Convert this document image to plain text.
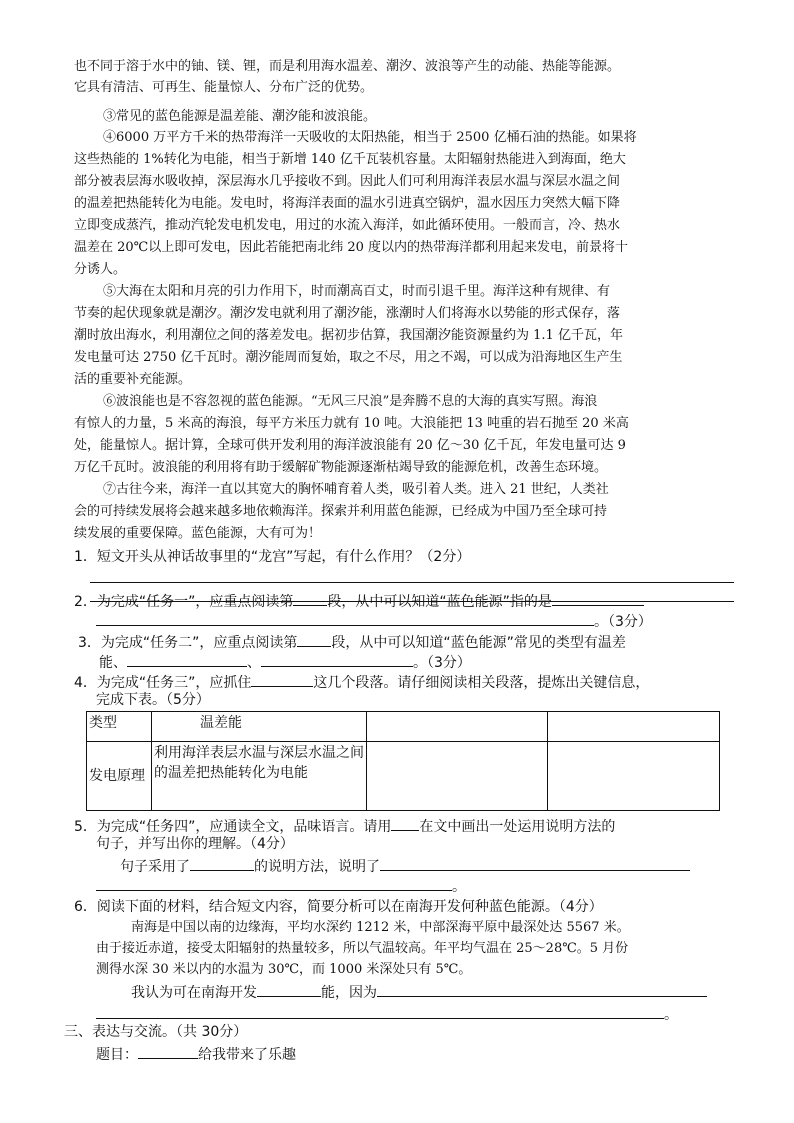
也不同于溶于水中的铀、镁、锂，而是利用海水温差、潮汐、波浪等产生的动能、热能等能源。
它具有清洁、可再生、能量惊人、分布广泛的优势。
③常见的蓝色能源是温差能、潮汐能和波浪能。
④6000 万平方千米的热带海洋一天吸收的太阳热能，相当于 2500 亿桶石油的热能。如果将
这些热能的 1%转化为电能，相当于新增 140 亿千瓦装机容量。太阳辐射热能进入到海面，绝大
部分被表层海水吸收掉，深层海水几乎接收不到。因此人们可利用海洋表层水温与深层水温之间
的温差把热能转化为电能。发电时，将海洋表面的温水引进真空锅炉，温水因压力突然大幅下降
立即变成蒸汽，推动汽轮发电机发电，用过的水流入海洋，如此循环使用。一般而言，冷、热水
温差在 20℃以上即可发电，因此若能把南北纬 20 度以内的热带海洋都利用起来发电，前景将十
分诱人。
⑤大海在太阳和月亮的引力作用下，时而潮高百丈，时而引退千里。海洋这种有规律、有
节奏的起伏现象就是潮汐。潮汐发电就利用了潮汐能，涨潮时人们将海水以势能的形式保存，落
潮时放出海水，利用潮位之间的落差发电。据初步估算，我国潮汐能资源量约为 1.1 亿千瓦，年
发电量可达 2750 亿千瓦时。潮汐能周而复始，取之不尽，用之不竭，可以成为沿海地区生产生
活的重要补充能源。
⑥波浪能也是不容忽视的蓝色能源。“无风三尺浪”是奔腾不息的大海的真实写照。海浪
有惊人的力量，5 米高的海浪，每平方米压力就有 10 吨。大浪能把 13 吨重的岩石抛至 20 米高
处，能量惊人。据计算，全球可供开发利用的海洋波浪能有 20 亿～30 亿千瓦，年发电量可达 9
万亿千瓦时。波浪能的利用将有助于缓解矿物能源逐渐枯竭导致的能源危机，改善生态环境。
⑦古往今来，海洋一直以其宽大的胸怀哺育着人类，吸引着人类。进入 21 世纪，人类社
会的可持续发展将会越来越多地依赖海洋。探索并利用蓝色能源，已经成为中国乃至全球可持
续发展的重要保障。蓝色能源，大有可为！
1．短文开头从神话故事里的“龙宫”写起，有什么作用？（2分）
2．为完成“任务一”，应重点阅读第 段，从中可以知道“蓝色能源”指的是
。（3分）
3．为完成“任务二”，应重点阅读第 段，从中可以知道“蓝色能源”常见的类型有温差
能、	、	。（3分）
4．为完成“任务三”，应抓住	这几个段落。请仔细阅读相关段落，提炼出关键信息，
完成下表。（5分）
类型	温差能		
发电原理	利用海洋表层水温与深层水温之间的温差把热能转化为电能		
5．为完成“任务四”，应通读全文，品味语言。请用 在文中画出一处运用说明方法的
句子，并写出你的理解。（4分）
句子采用了	的说明方法，说明了
。
6．阅读下面的材料，结合短文内容，简要分析可以在南海开发何种蓝色能源。（4分）
南海是中国以南的边缘海，平均水深约 1212 米，中部深海平原中最深处达 5567 米。
由于接近赤道，接受太阳辐射的热量较多，所以气温较高。年平均气温在 25～28℃。5 月份
测得水深 30 米以内的水温为 30℃，而 1000 米深处只有 5℃。
我认为可在南海开发	能，因为
。
三、表达与交流。（共 30分）
题目：	给我带来了乐趣
